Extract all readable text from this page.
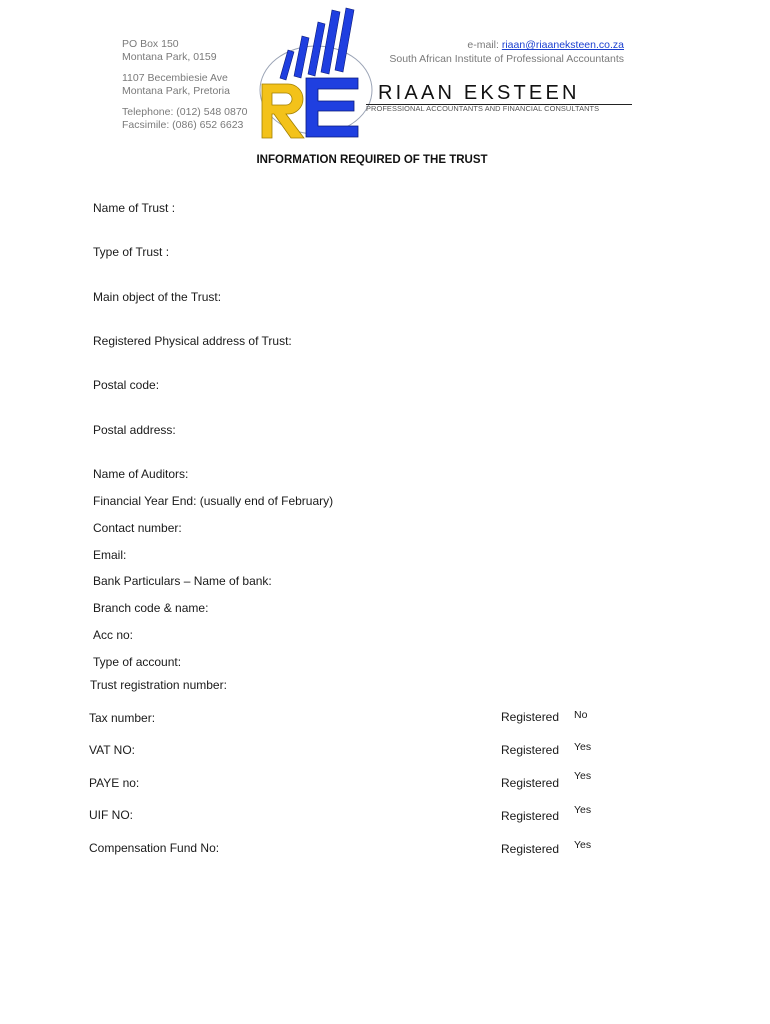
PO Box 150
Montana Park, 0159
1107 Becembiesie Ave
Montana Park, Pretoria
Telephone: (012) 548 0870
Facsimile: (086) 652 6623
e-mail: riaan@riaaneksteen.co.za
South African Institute of Professional Accountants
RIAAN EKSTEEN
PROFESSIONAL ACCOUNTANTS AND FINANCIAL CONSULTANTS
INFORMATION REQUIRED OF THE TRUST
Name of Trust :
Type of Trust :
Main object of the Trust:
Registered Physical address of Trust:
Postal code:
Postal address:
Name of Auditors:
Financial Year End: (usually end of February)
Contact number:
Email:
Bank Particulars – Name of bank:
Branch code & name:
Acc no:
Type of account:
Trust registration number:
Tax number:	Registered No
VAT NO:	Registered Yes
PAYE no:	Registered Yes
UIF NO:	Registered Yes
Compensation Fund No:	Registered Yes
